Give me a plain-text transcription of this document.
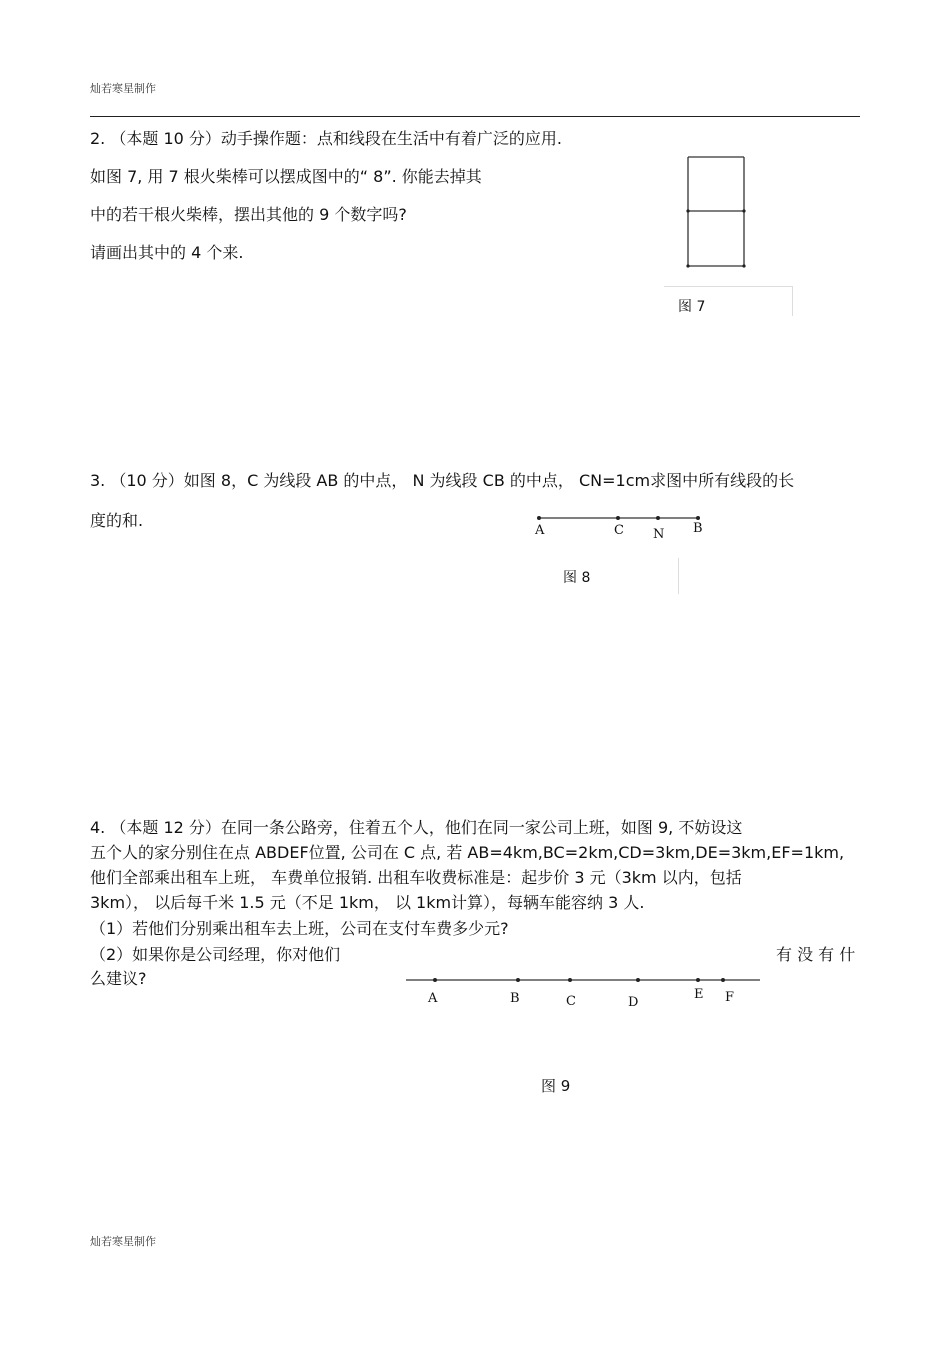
灿若寒星制作
2. （本题 10 分）动手操作题：点和线段在生活中有着广泛的应用.
如图 7, 用 7 根火柴棒可以摆成图中的“ 8”. 你能去掉其
中的若干根火柴棒，摆出其他的 9 个数字吗?
请画出其中的 4 个来.
图 7
3. （10 分）如图 8，C 为线段 AB 的中点， N 为线段 CB 的中点， CN=1cm求图中所有线段的长
度的和.
A	C N B
图 8
4. （本题 12 分）在同一条公路旁，住着五个人，他们在同一家公司上班，如图 9, 不妨设这
五个人的家分别住在点 ABDEF位置, 公司在 C 点, 若 AB=4km,BC=2km,CD=3km,DE=3km,EF=1km,
他们全部乘出租车上班， 车费单位报销. 出租车收费标准是：起步价 3 元（3km 以内，包括
3km）， 以后每千米 1.5 元（不足 1km， 以 1km计算），每辆车能容纳 3 人.
（1）若他们分别乘出租车去上班，公司在支付车费多少元?
（2）如果你是公司经理，你对他们	有 没 有 什
么建议?
A	B	C	D
E F
图 9
灿若寒星制作
